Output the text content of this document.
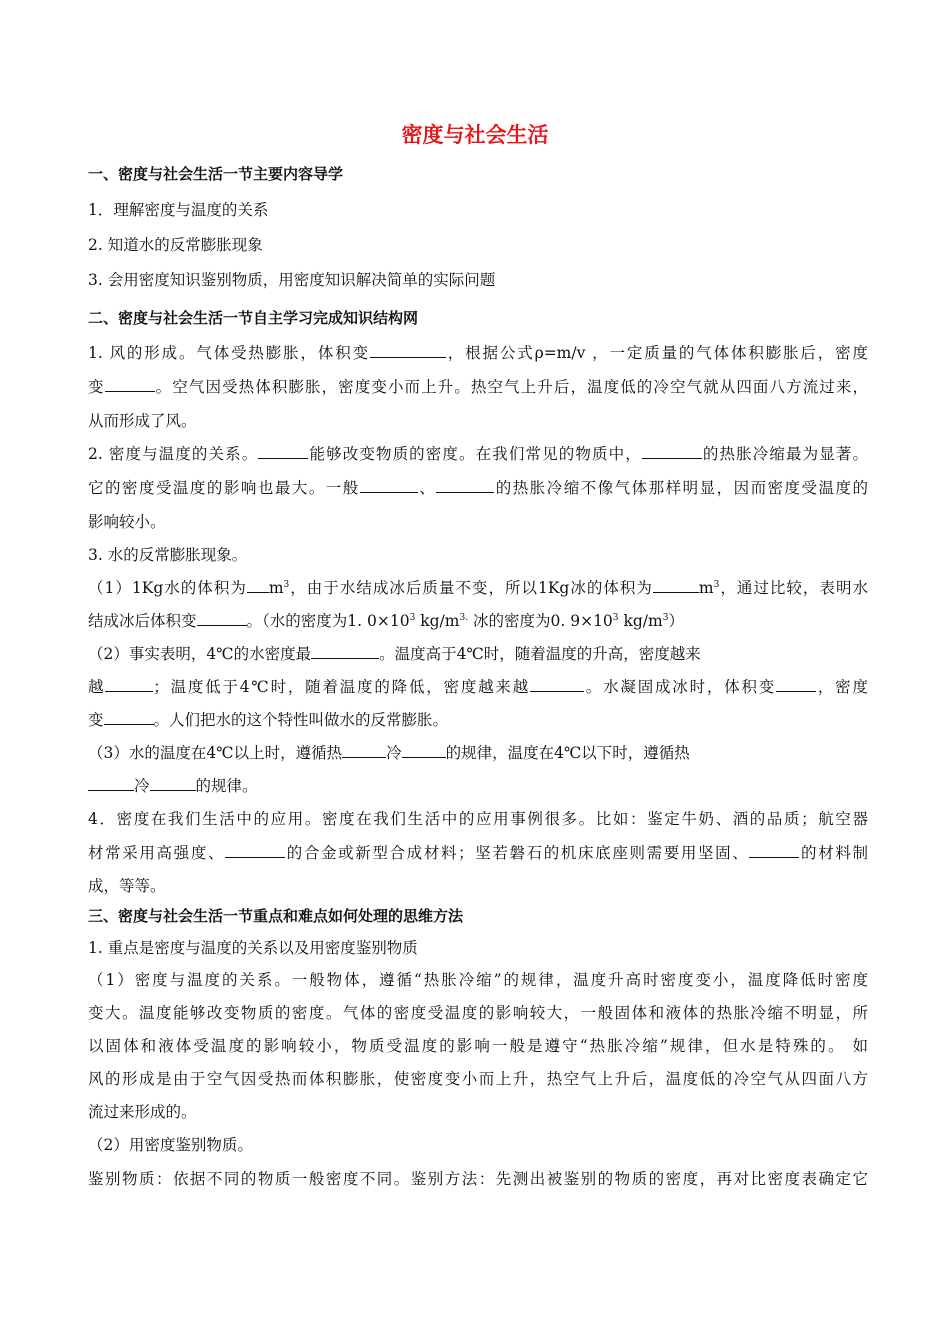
密度与社会生活
一、密度与社会生活一节主要内容导学
1．理解密度与温度的关系
2. 知道水的反常膨胀现象
3. 会用密度知识鉴别物质，用密度知识解决简单的实际问题
二、密度与社会生活一节自主学习完成知识结构网
1. 风的形成。气体受热膨胀，体积变	，根据公式ρ=m/v ，一定质量的气体体积膨胀后，密度
变	。空气因受热体积膨胀，密度变小而上升。热空气上升后，温度低的冷空气就从四面八方流过来，
从而形成了风。
2. 密度与温度的关系。	能够改变物质的密度。在我们常见的物质中，	的热胀冷缩最为显著。
它的密度受温度的影响也最大。一般	、	的热胀冷缩不像气体那样明显，因而密度受温度的
影响较小。
3. 水的反常膨胀现象。
（1）1Kg水的体积为 $m^3$，由于水结成冰后质量不变，所以1Kg冰的体积为	$m^3$，通过比较，表明水
结成冰后体积变	。（水的密度为1. $0\times 10^3$ $kg/m^{3.}$ 冰的密度为0. $9\times 10^3$ $kg/m^3$）
（2）事实表明，4℃的水密度最	。温度高于4℃时，随着温度的升高，密度越来
越	；温度低于4℃时，随着温度的降低，密度越来越	。水凝固成冰时，体积变	，密度
变	。人们把水的这个特性叫做水的反常膨胀。
（3）水的温度在4℃以上时，遵循热	冷	的规律，温度在4℃以下时，遵循热
冷	的规律。
4．密度在我们生活中的应用。密度在我们生活中的应用事例很多。比如：鉴定牛奶、酒的品质；航空器
材常采用高强度、	的合金或新型合成材料；坚若磐石的机床底座则需要用坚固、	的材料制
成，等等。
三、密度与社会生活一节重点和难点如何处理的思维方法
1. 重点是密度与温度的关系以及用密度鉴别物质
（1）密度与温度的关系。一般物体，遵循“热胀冷缩”的规律，温度升高时密度变小，温度降低时密度
变大。温度能够改变物质的密度。气体的密度受温度的影响较大，一般固体和液体的热胀冷缩不明显，所
以固体和液体受温度的影响较小，物质受温度的影响一般是遵守“热胀冷缩”规律，但水是特殊的。 如
风的形成是由于空气因受热而体积膨胀，使密度变小而上升，热空气上升后，温度低的冷空气从四面八方
流过来形成的。
（2）用密度鉴别物质。
鉴别物质：依据不同的物质一般密度不同。鉴别方法：先测出被鉴别的物质的密度，再对比密度表确定它
